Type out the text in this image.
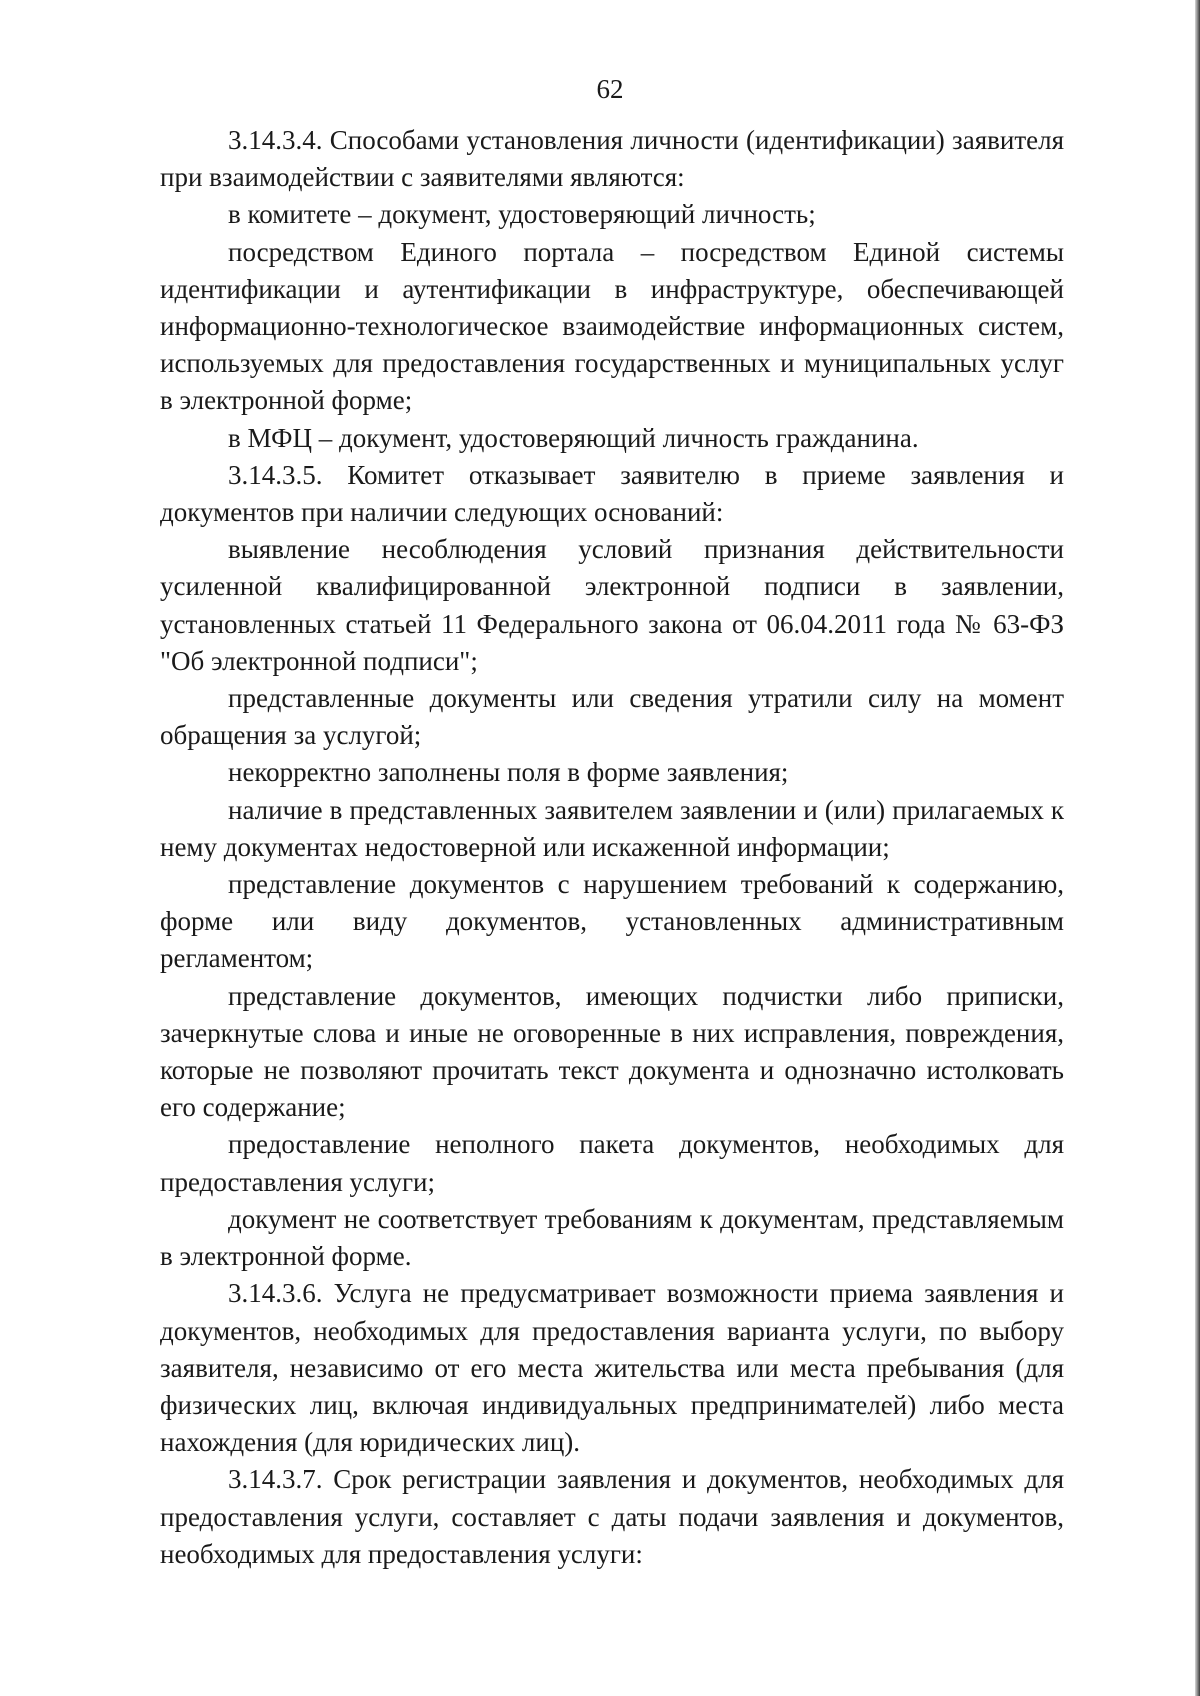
62

3.14.3.4. Способами установления личности (идентификации) заявителя при взаимодействии с заявителями являются:

в комитете – документ, удостоверяющий личность;

посредством Единого портала – посредством Единой системы идентификации и аутентификации в инфраструктуре, обеспечивающей информационно-технологическое взаимодействие информационных систем, используемых для предоставления государственных и муниципальных услуг в электронной форме;

в МФЦ – документ, удостоверяющий личность гражданина.

3.14.3.5. Комитет отказывает заявителю в приеме заявления и документов при наличии следующих оснований:

выявление несоблюдения условий признания действительности усиленной квалифицированной электронной подписи в заявлении, установленных статьей 11 Федерального закона от 06.04.2011 года № 63-ФЗ "Об электронной подписи";

представленные документы или сведения утратили силу на момент обращения за услугой;

некорректно заполнены поля в форме заявления;

наличие в представленных заявителем заявлении и (или) прилагаемых к нему документах недостоверной или искаженной информации;

представление документов с нарушением требований к содержанию, форме или виду документов, установленных административным регламентом;

представление документов, имеющих подчистки либо приписки, зачеркнутые слова и иные не оговоренные в них исправления, повреждения, которые не позволяют прочитать текст документа и однозначно истолковать его содержание;

предоставление неполного пакета документов, необходимых для предоставления услуги;

документ не соответствует требованиям к документам, представляемым в электронной форме.

3.14.3.6. Услуга не предусматривает возможности приема заявления и документов, необходимых для предоставления варианта услуги, по выбору заявителя, независимо от его места жительства или места пребывания (для физических лиц, включая индивидуальных предпринимателей) либо места нахождения (для юридических лиц).

3.14.3.7. Срок регистрации заявления и документов, необходимых для предоставления услуги, составляет с даты подачи заявления и документов, необходимых для предоставления услуги:
